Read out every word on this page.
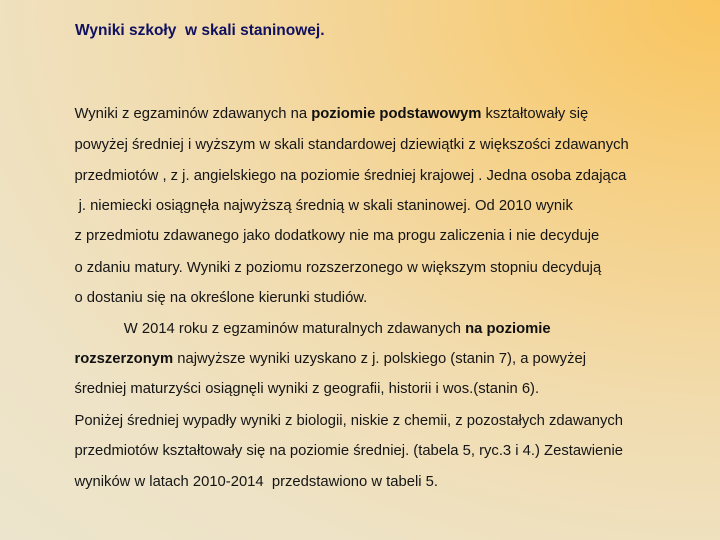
Wyniki szkoły  w skali staninowej.

Wyniki z egzaminów zdawanych na poziomie podstawowym kształtowały się

powyżej średniej i wyższym w skali standardowej dziewiątki z większości zdawanych

przedmiotów , z j. angielskiego na poziomie średniej krajowej . Jedna osoba zdająca

j. niemiecki osiągnęła najwyższą średnią w skali staninowej. Od 2010 wynik

z przedmiotu zdawanego jako dodatkowy nie ma progu zaliczenia i nie decyduje

o zdaniu matury. Wyniki z poziomu rozszerzonego w większym stopniu decydują

o dostaniu się na określone kierunki studiów.

W 2014 roku z egzaminów maturalnych zdawanych na poziomie

rozszerzonym najwyższe wyniki uzyskano z j. polskiego (stanin 7), a powyżej

średniej maturzyści osiągnęli wyniki z geografii, historii i wos.(stanin 6).

Poniżej średniej wypadły wyniki z biologii, niskie z chemii, z pozostałych zdawanych

przedmiotów kształtowały się na poziomie średniej. (tabela 5, ryc.3 i 4.) Zestawienie

wyników w latach 2010-2014  przedstawiono w tabeli 5.
